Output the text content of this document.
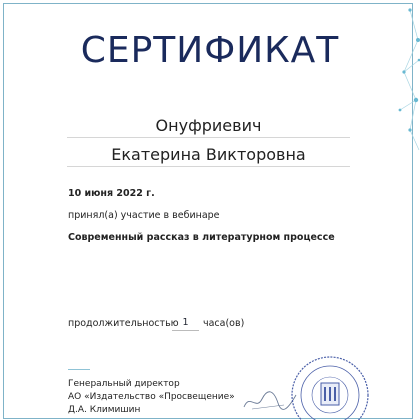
СЕРТИФИКАТ
Онуфриевич
Екатерина Викторовна
10 июня 2022 г.
принял(а) участие в вебинаре
Современный рассказ в литературном процессе
продолжительностью 1	часа(ов)
Генеральный директор
АО «Издательство «Просвещение»
Д.А. Климишин
